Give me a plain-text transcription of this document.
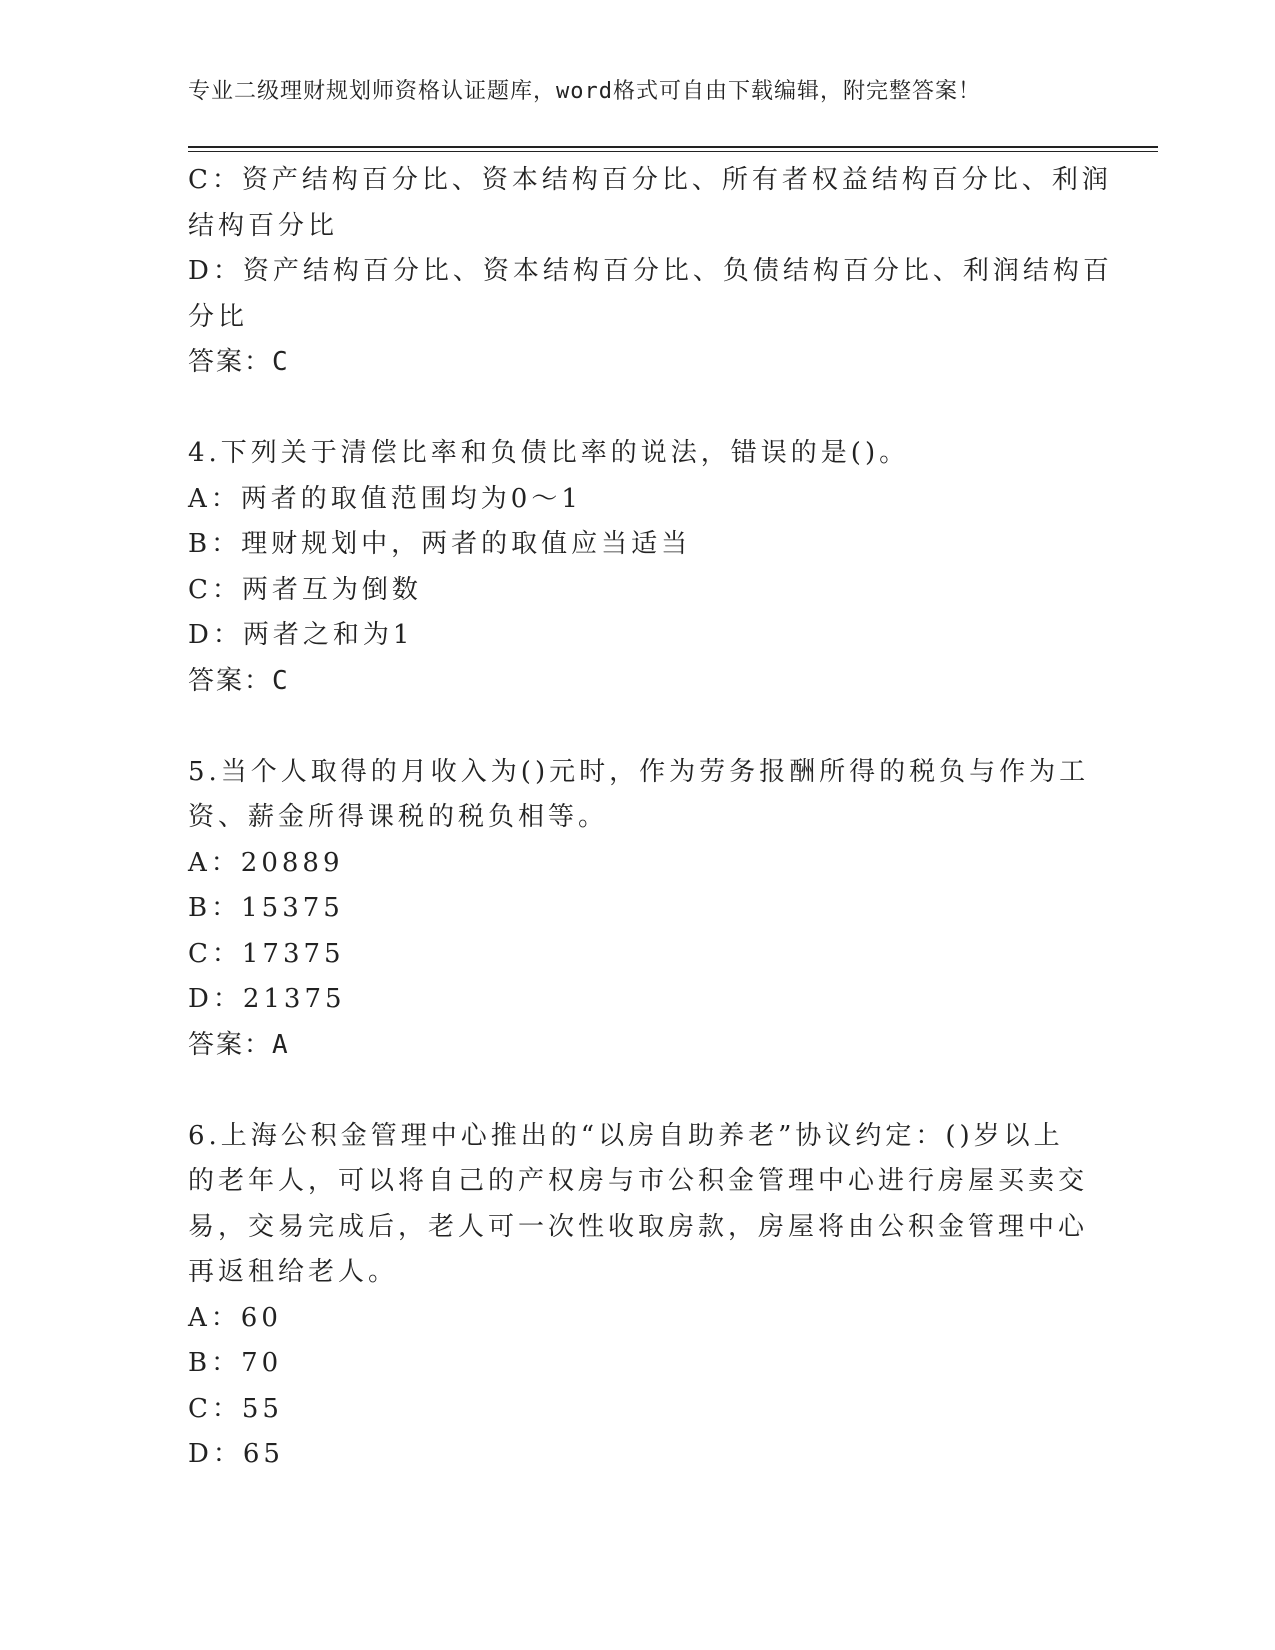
专业二级理财规划师资格认证题库，word格式可自由下载编辑，附完整答案！
C：资产结构百分比、资本结构百分比、所有者权益结构百分比、利润
结构百分比
D：资产结构百分比、资本结构百分比、负债结构百分比、利润结构百
分比
答案：C
4.下列关于清偿比率和负债比率的说法，错误的是()。
A：两者的取值范围均为0～1
B：理财规划中，两者的取值应当适当
C：两者互为倒数
D：两者之和为1
答案：C
5.当个人取得的月收入为()元时，作为劳务报酬所得的税负与作为工
资、薪金所得课税的税负相等。
A：20889
B：15375
C：17375
D：21375
答案：A
6.上海公积金管理中心推出的“以房自助养老”协议约定：()岁以上
的老年人，可以将自己的产权房与市公积金管理中心进行房屋买卖交
易，交易完成后，老人可一次性收取房款，房屋将由公积金管理中心
再返租给老人。
A：60
B：70
C：55
D：65
